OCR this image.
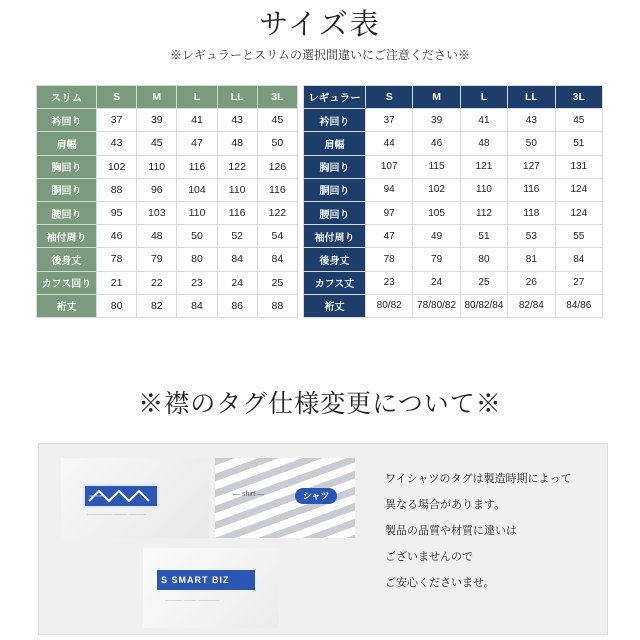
サイズ表
※レギュラーとスリムの選択間違いにご注意ください※
スリム	S	M	L	LL	3L
衿回り	37	39	41	43	45
肩幅	43	45	47	48	50
胸回り	102	110	116	122	126
胴回り	88	96	104	110	116
腰回り	95	103	110	116	122
袖付周り	46	48	50	52	54
後身丈	78	79	80	84	84
カフス回り	21	22	23	24	25
裄丈	80	82	84	86	88
レギュラー	S	M	L	LL	3L
衿回り	37	39	41	43	45
肩幅	44	46	48	50	51
胸回り	107	115	121	127	131
胴回り	94	102	110	116	124
腰回り	97	105	112	118	124
袖付周り	47	49	51	53	55
後身丈	78	79	80	81	84
カフス丈	23	24	25	26	27
裄丈	80/82	78/80/82	80/82/84	82/84	84/86
※襟のタグ仕様変更について※
────── ─── ────
— shirt —	シャツ
S SMART BIZ
──── ─── ─────
ワイシャツのタグは製造時期によって
異なる場合があります。
製品の品質や材質に違いは
ございませんので
ご安心くださいませ。
